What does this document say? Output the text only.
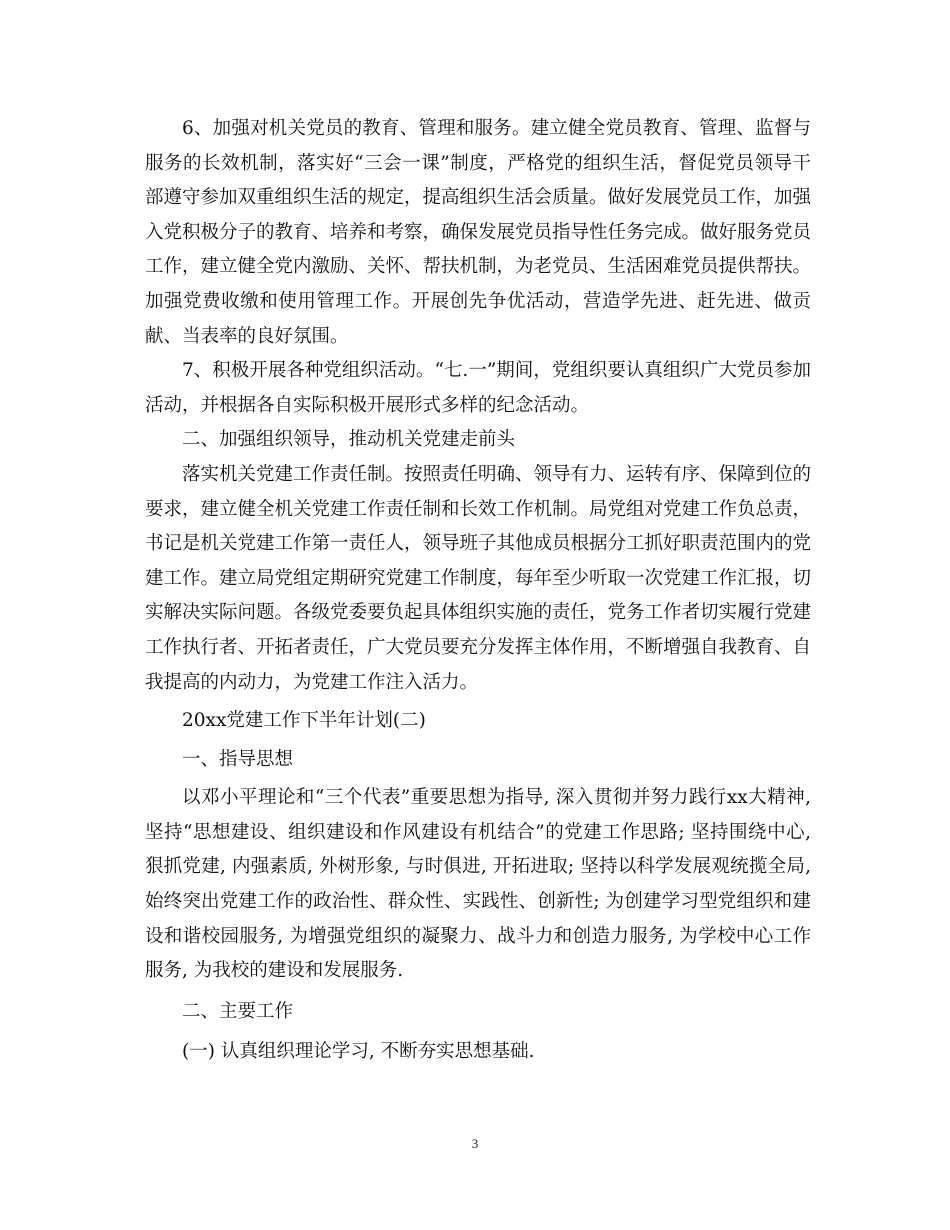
6、加强对机关党员的教育、管理和服务。建立健全党员教育、管理、监督与服务的长效机制，落实好“三会一课”制度，严格党的组织生活，督促党员领导干部遵守参加双重组织生活的规定，提高组织生活会质量。做好发展党员工作，加强入党积极分子的教育、培养和考察，确保发展党员指导性任务完成。做好服务党员工作，建立健全党内激励、关怀、帮扶机制，为老党员、生活困难党员提供帮扶。加强党费收缴和使用管理工作。开展创先争优活动，营造学先进、赶先进、做贡献、当表率的良好氛围。

7、积极开展各种党组织活动。“七.一”期间，党组织要认真组织广大党员参加活动，并根据各自实际积极开展形式多样的纪念活动。

二、加强组织领导，推动机关党建走前头

落实机关党建工作责任制。按照责任明确、领导有力、运转有序、保障到位的要求，建立健全机关党建工作责任制和长效工作机制。局党组对党建工作负总责，书记是机关党建工作第一责任人，领导班子其他成员根据分工抓好职责范围内的党建工作。建立局党组定期研究党建工作制度，每年至少听取一次党建工作汇报，切实解决实际问题。各级党委要负起具体组织实施的责任，党务工作者切实履行党建工作执行者、开拓者责任，广大党员要充分发挥主体作用，不断增强自我教育、自我提高的内动力，为党建工作注入活力。

20xx党建工作下半年计划(二)

一、指导思想

以邓小平理论和“三个代表”重要思想为指导, 深入贯彻并努力践行xx大精神, 坚持“思想建设、组织建设和作风建设有机结合”的党建工作思路; 坚持围绕中心, 狠抓党建, 内强素质, 外树形象, 与时俱进, 开拓进取; 坚持以科学发展观统揽全局, 始终突出党建工作的政治性、群众性、实践性、创新性; 为创建学习型党组织和建设和谐校园服务, 为增强党组织的凝聚力、战斗力和创造力服务, 为学校中心工作服务, 为我校的建设和发展服务.

二、主要工作

(一) 认真组织理论学习, 不断夯实思想基础.

3
